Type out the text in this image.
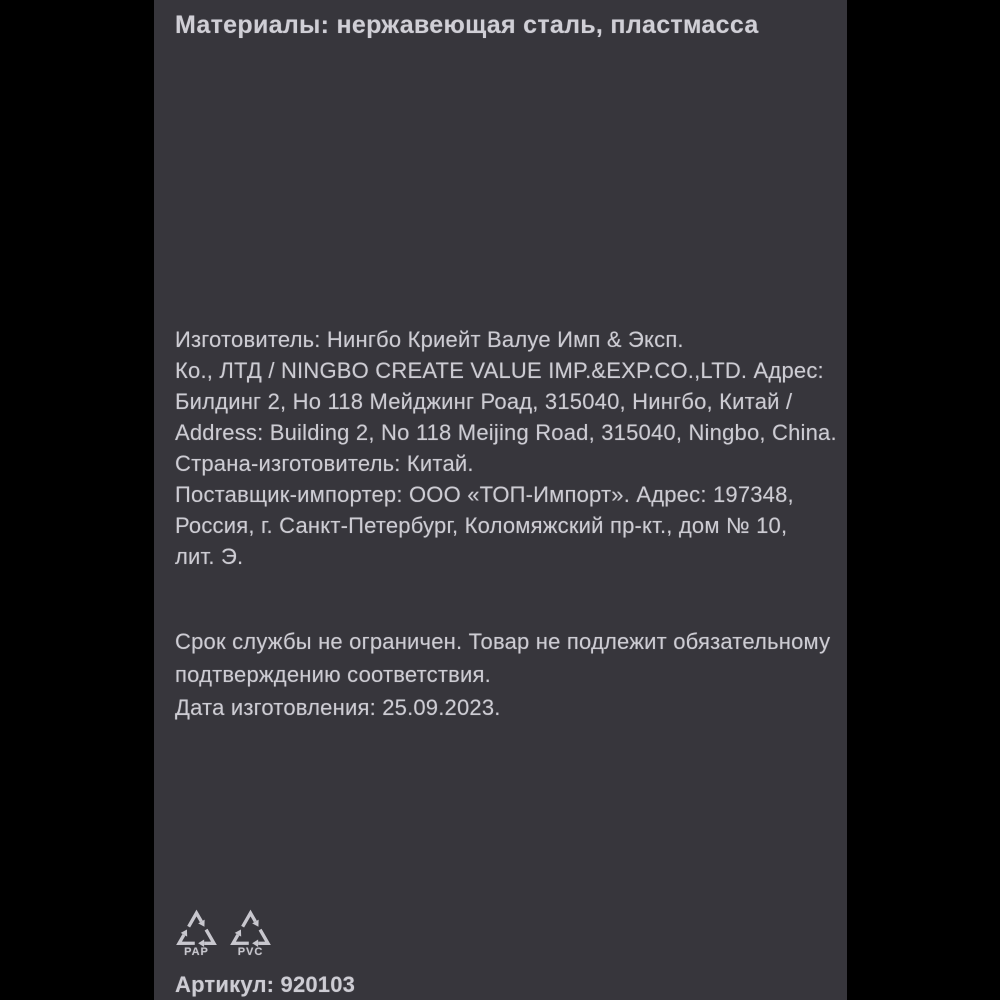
Материалы: нержавеющая сталь, пластмасса
Изготовитель: Нингбо Криейт Валуе Имп & Эксп.
Ко., ЛТД / NINGBO CREATE VALUE IMP.&EXP.CO.,LTD. Адрес:
Билдинг 2, Но 118 Мейджинг Роад, 315040, Нингбо, Китай /
Address: Building 2, No 118 Meijing Road, 315040, Ningbo, China.
Страна-изготовитель: Китай.
Поставщик-импортер: ООО «ТОП-Импорт». Адрес: 197348,
Россия, г. Санкт-Петербург, Коломяжский пр-кт., дом № 10,
лит. Э.
Срок службы не ограничен. Товар не подлежит обязательному
подтверждению соответствия.
Дата изготовления: 25.09.2023.
PAP	PVC
Артикул: 920103
